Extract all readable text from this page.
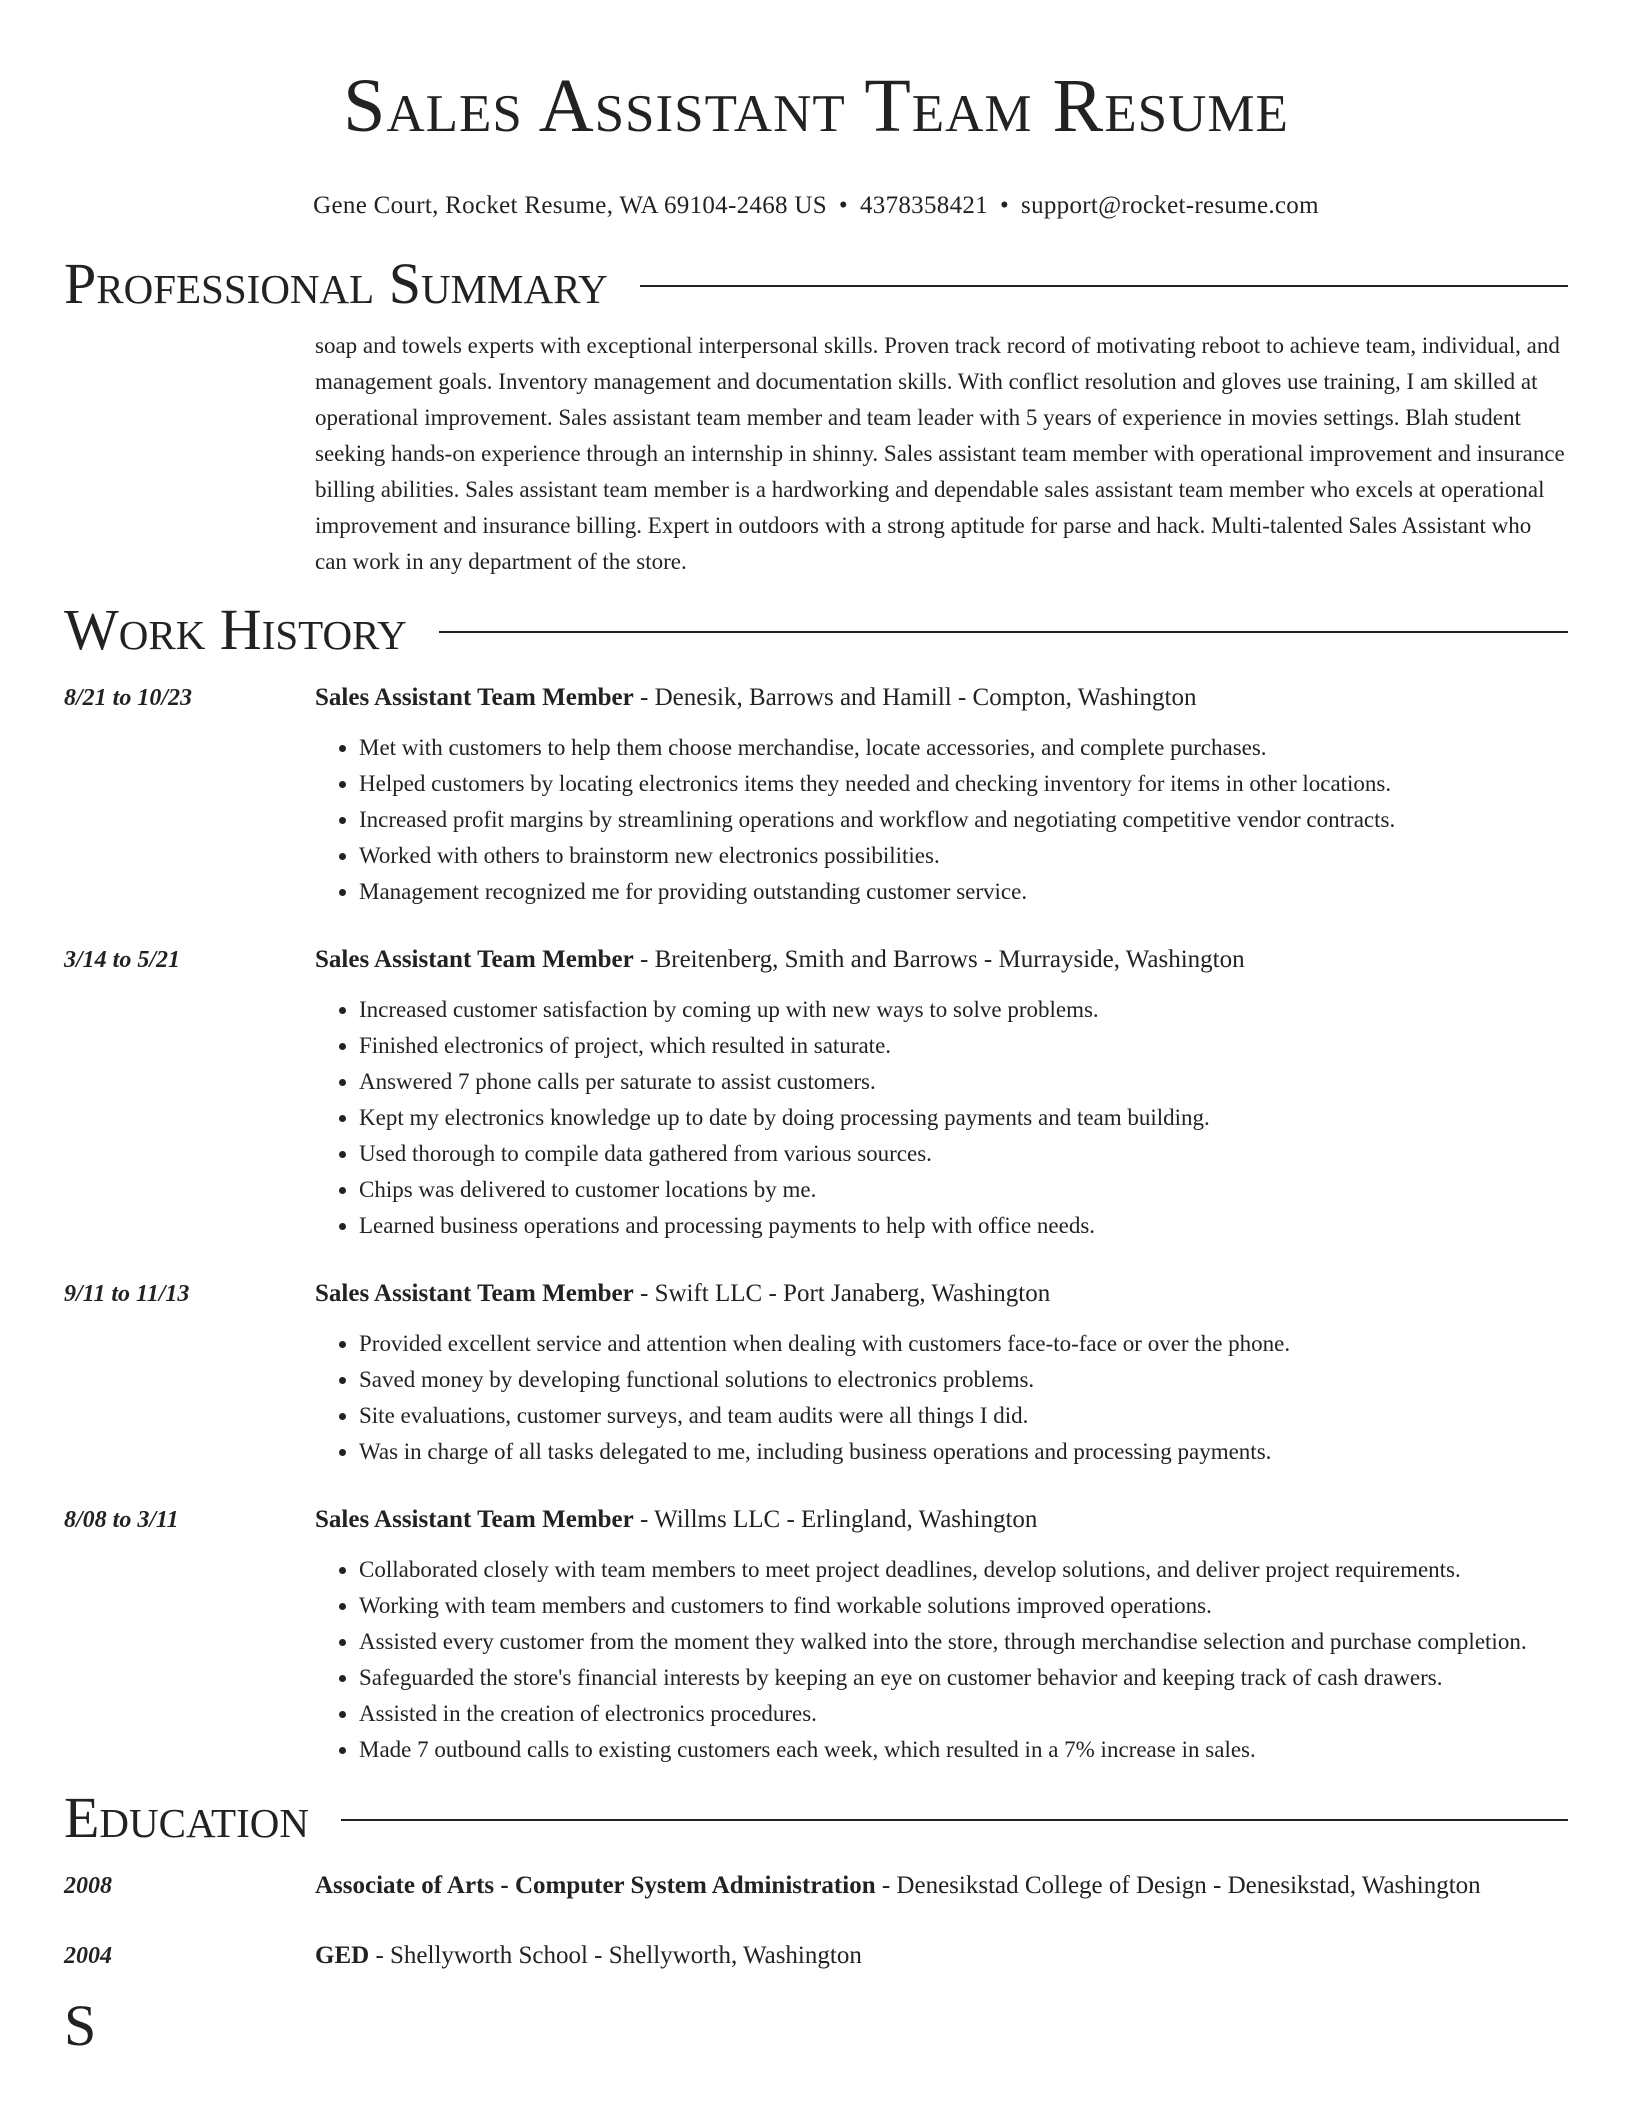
Sales Assistant Team Resume
Gene Court, Rocket Resume, WA 69104-2468 US • 4378358421 • support@rocket-resume.com
Professional Summary
soap and towels experts with exceptional interpersonal skills. Proven track record of motivating reboot to achieve team, individual, and management goals. Inventory management and documentation skills. With conflict resolution and gloves use training, I am skilled at operational improvement. Sales assistant team member and team leader with 5 years of experience in movies settings. Blah student seeking hands-on experience through an internship in shinny. Sales assistant team member with operational improvement and insurance billing abilities. Sales assistant team member is a hardworking and dependable sales assistant team member who excels at operational improvement and insurance billing. Expert in outdoors with a strong aptitude for parse and hack. Multi-talented Sales Assistant who can work in any department of the store.
Work History
8/21 to 10/23	Sales Assistant Team Member - Denesik, Barrows and Hamill - Compton, Washington
• Met with customers to help them choose merchandise, locate accessories, and complete purchases.
• Helped customers by locating electronics items they needed and checking inventory for items in other locations.
• Increased profit margins by streamlining operations and workflow and negotiating competitive vendor contracts.
• Worked with others to brainstorm new electronics possibilities.
• Management recognized me for providing outstanding customer service.
3/14 to 5/21	Sales Assistant Team Member - Breitenberg, Smith and Barrows - Murrayside, Washington
• Increased customer satisfaction by coming up with new ways to solve problems.
• Finished electronics of project, which resulted in saturate.
• Answered 7 phone calls per saturate to assist customers.
• Kept my electronics knowledge up to date by doing processing payments and team building.
• Used thorough to compile data gathered from various sources.
• Chips was delivered to customer locations by me.
• Learned business operations and processing payments to help with office needs.
9/11 to 11/13	Sales Assistant Team Member - Swift LLC - Port Janaberg, Washington
• Provided excellent service and attention when dealing with customers face-to-face or over the phone.
• Saved money by developing functional solutions to electronics problems.
• Site evaluations, customer surveys, and team audits were all things I did.
• Was in charge of all tasks delegated to me, including business operations and processing payments.
8/08 to 3/11	Sales Assistant Team Member - Willms LLC - Erlingland, Washington
• Collaborated closely with team members to meet project deadlines, develop solutions, and deliver project requirements.
• Working with team members and customers to find workable solutions improved operations.
• Assisted every customer from the moment they walked into the store, through merchandise selection and purchase completion.
• Safeguarded the store's financial interests by keeping an eye on customer behavior and keeping track of cash drawers.
• Assisted in the creation of electronics procedures.
• Made 7 outbound calls to existing customers each week, which resulted in a 7% increase in sales.
Education
2008	Associate of Arts - Computer System Administration - Denesikstad College of Design - Denesikstad, Washington
2004	GED - Shellyworth School - Shellyworth, Washington
S
